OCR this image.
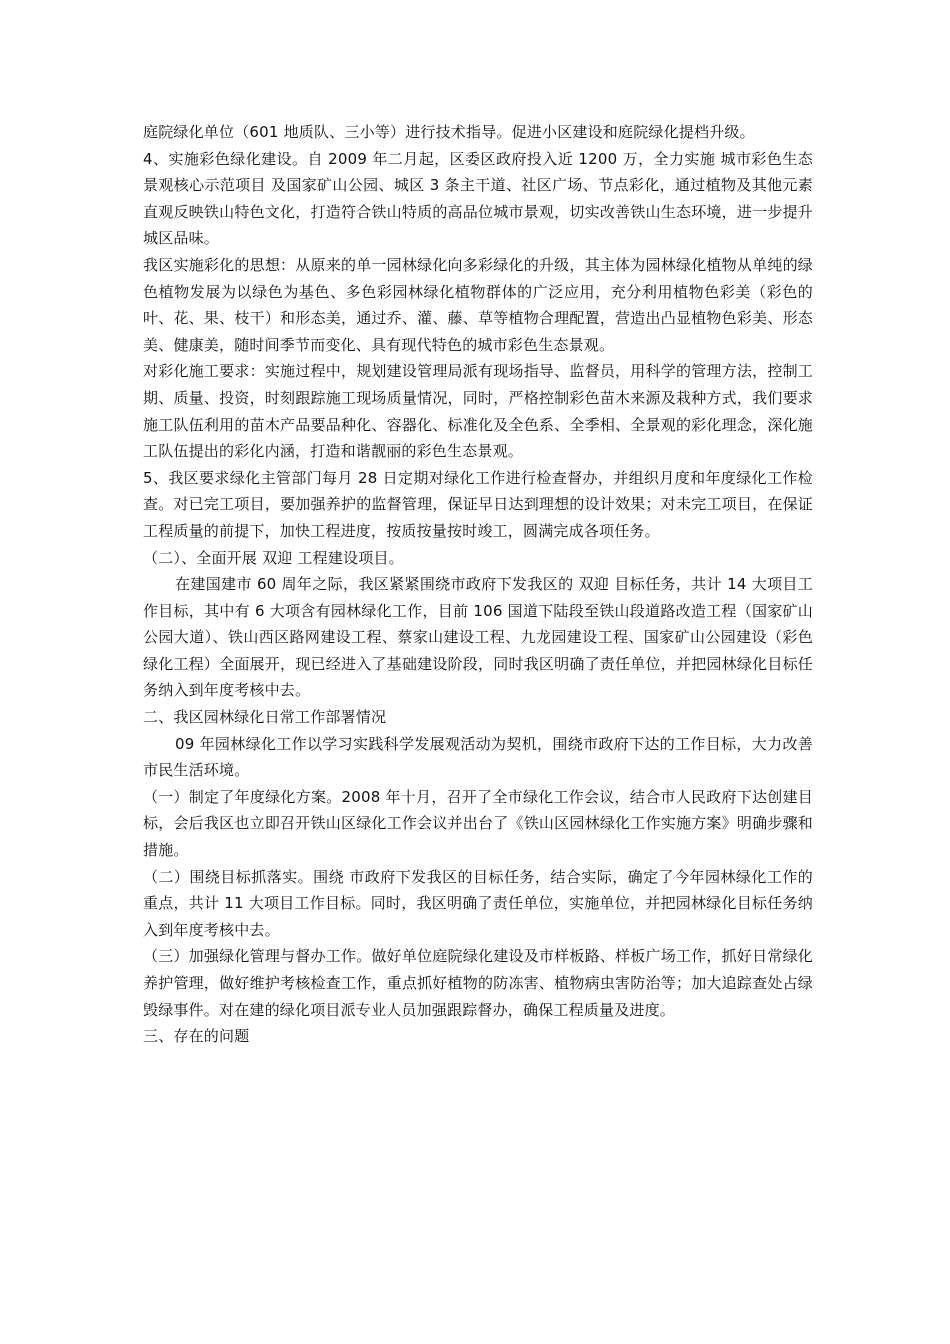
庭院绿化单位（601 地质队、三小等）进行技术指导。促进小区建设和庭院绿化提档升级。

4、实施彩色绿化建设。自 2009 年二月起，区委区政府投入近 1200 万，全力实施 城市彩色生态景观核心示范项目 及国家矿山公园、城区 3 条主干道、社区广场、节点彩化，通过植物及其他元素直观反映铁山特色文化，打造符合铁山特质的高品位城市景观，切实改善铁山生态环境，进一步提升城区品味。

我区实施彩化的思想：从原来的单一园林绿化向多彩绿化的升级，其主体为园林绿化植物从单纯的绿色植物发展为以绿色为基色、多色彩园林绿化植物群体的广泛应用，充分利用植物色彩美（彩色的叶、花、果、枝干）和形态美，通过乔、灌、藤、草等植物合理配置，营造出凸显植物色彩美、形态美、健康美，随时间季节而变化、具有现代特色的城市彩色生态景观。

对彩化施工要求：实施过程中，规划建设管理局派有现场指导、监督员，用科学的管理方法，控制工期、质量、投资，时刻跟踪施工现场质量情况，同时，严格控制彩色苗木来源及栽种方式，我们要求施工队伍利用的苗木产品要品种化、容器化、标准化及全色系、全季相、全景观的彩化理念，深化施工队伍提出的彩化内涵，打造和谐靓丽的彩色生态景观。

5、我区要求绿化主管部门每月 28 日定期对绿化工作进行检查督办，并组织月度和年度绿化工作检查。对已完工项目，要加强养护的监督管理，保证早日达到理想的设计效果；对未完工项目，在保证工程质量的前提下，加快工程进度，按质按量按时竣工，圆满完成各项任务。

（二）、全面开展 双迎 工程建设项目。

在建国建市 60 周年之际，我区紧紧围绕市政府下发我区的 双迎 目标任务，共计 14 大项目工作目标，其中有 6 大项含有园林绿化工作，目前 106 国道下陆段至铁山段道路改造工程（国家矿山公园大道）、铁山西区路网建设工程、蔡家山建设工程、九龙园建设工程、国家矿山公园建设（彩色绿化工程）全面展开，现已经进入了基础建设阶段，同时我区明确了责任单位，并把园林绿化目标任务纳入到年度考核中去。

二、我区园林绿化日常工作部署情况

09 年园林绿化工作以学习实践科学发展观活动为契机，围绕市政府下达的工作目标，大力改善市民生活环境。

（一）制定了年度绿化方案。2008 年十月，召开了全市绿化工作会议，结合市人民政府下达创建目标，会后我区也立即召开铁山区绿化工作会议并出台了《铁山区园林绿化工作实施方案》明确步骤和措施。

（二）围绕目标抓落实。围绕 市政府下发我区的目标任务，结合实际，确定了今年园林绿化工作的重点，共计 11 大项目工作目标。同时，我区明确了责任单位，实施单位，并把园林绿化目标任务纳入到年度考核中去。

（三）加强绿化管理与督办工作。做好单位庭院绿化建设及市样板路、样板广场工作，抓好日常绿化养护管理，做好维护考核检查工作，重点抓好植物的防冻害、植物病虫害防治等；加大追踪查处占绿毁绿事件。对在建的绿化项目派专业人员加强跟踪督办，确保工程质量及进度。

三、存在的问题
